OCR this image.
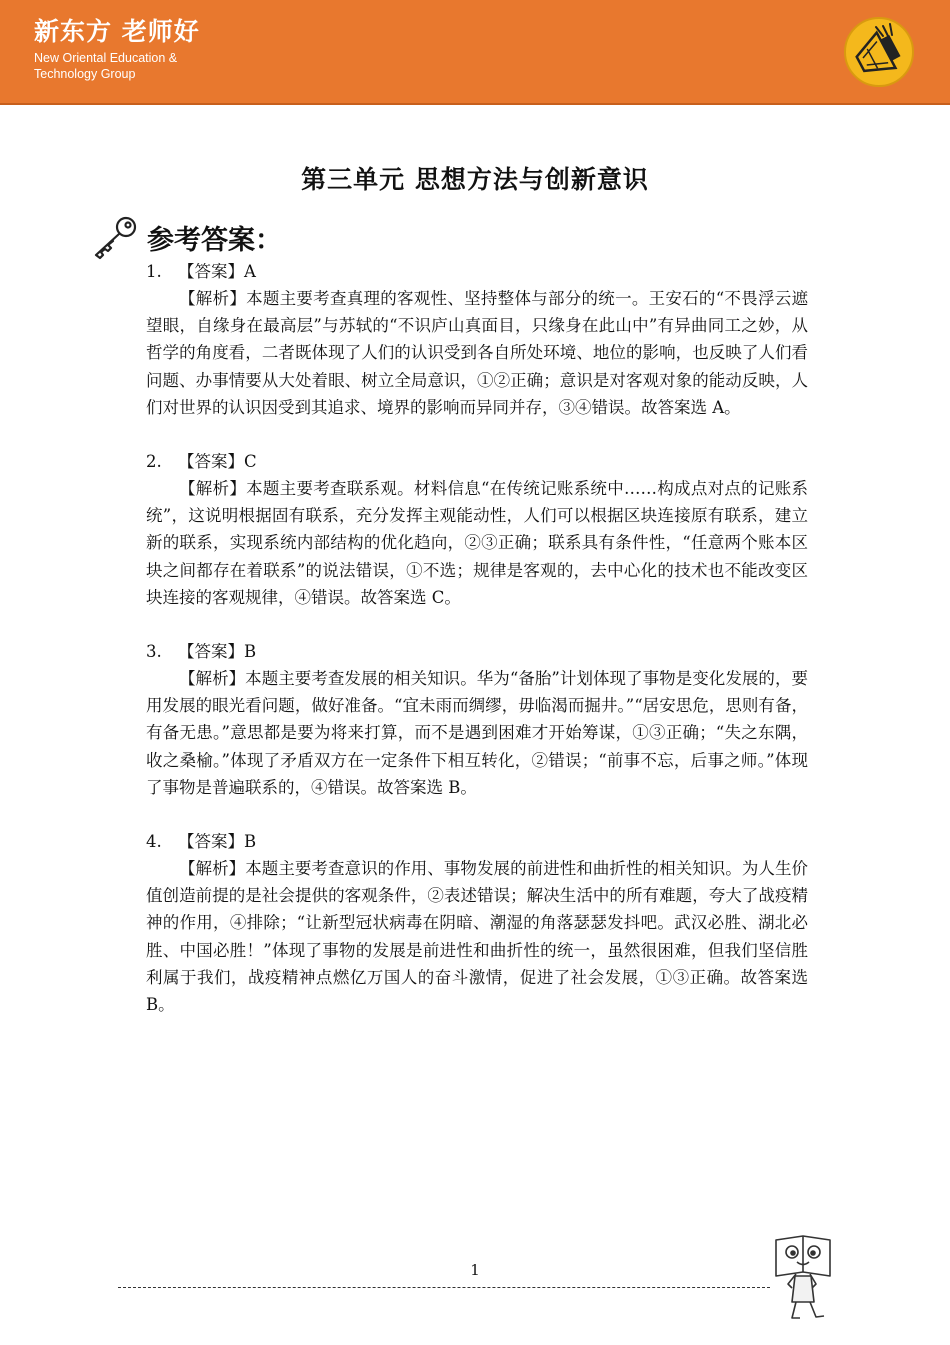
新东方 老师好
New Oriental Education & Technology Group
第三单元 思想方法与创新意识
参考答案：
1. 【答案】A

【解析】本题主要考查真理的客观性、坚持整体与部分的统一。王安石的“不畏浮云遮望眼，自缘身在最高层”与苏轼的“不识庐山真面目，只缘身在此山中”有异曲同工之妙，从哲学的角度看，二者既体现了人们的认识受到各自所处环境、地位的影响，也反映了人们看问题、办事情要从大处着眼、树立全局意识，①②正确；意识是对客观对象的能动反映，人们对世界的认识因受到其追求、境界的影响而异同并存，③④错误。故答案选 A。

2. 【答案】C

【解析】本题主要考查联系观。材料信息“在传统记账系统中……构成点对点的记账系统”，这说明根据固有联系，充分发挥主观能动性，人们可以根据区块连接原有联系，建立新的联系，实现系统内部结构的优化趋向，②③正确；联系具有条件性，“任意两个账本区块之间都存在着联系”的说法错误，①不选；规律是客观的，去中心化的技术也不能改变区块连接的客观规律，④错误。故答案选 C。

3. 【答案】B

【解析】本题主要考查发展的相关知识。华为“备胎”计划体现了事物是变化发展的，要用发展的眼光看问题，做好准备。“宜未雨而绸缪，毋临渴而掘井。”“居安思危，思则有备，有备无患。”意思都是要为将来打算，而不是遇到困难才开始筹谋，①③正确；“失之东隅，收之桑榆。”体现了矛盾双方在一定条件下相互转化，②错误；“前事不忘，后事之师。”体现了事物是普遍联系的，④错误。故答案选 B。

4. 【答案】B

【解析】本题主要考查意识的作用、事物发展的前进性和曲折性的相关知识。为人生价值创造前提的是社会提供的客观条件，②表述错误；解决生活中的所有难题，夸大了战疫精神的作用，④排除；“让新型冠状病毒在阴暗、潮湿的角落瑟瑟发抖吧。武汉必胜、湖北必胜、中国必胜！”体现了事物的发展是前进性和曲折性的统一，虽然很困难，但我们坚信胜利属于我们，战疫精神点燃亿万国人的奋斗激情，促进了社会发展，①③正确。故答案选 B。

1
